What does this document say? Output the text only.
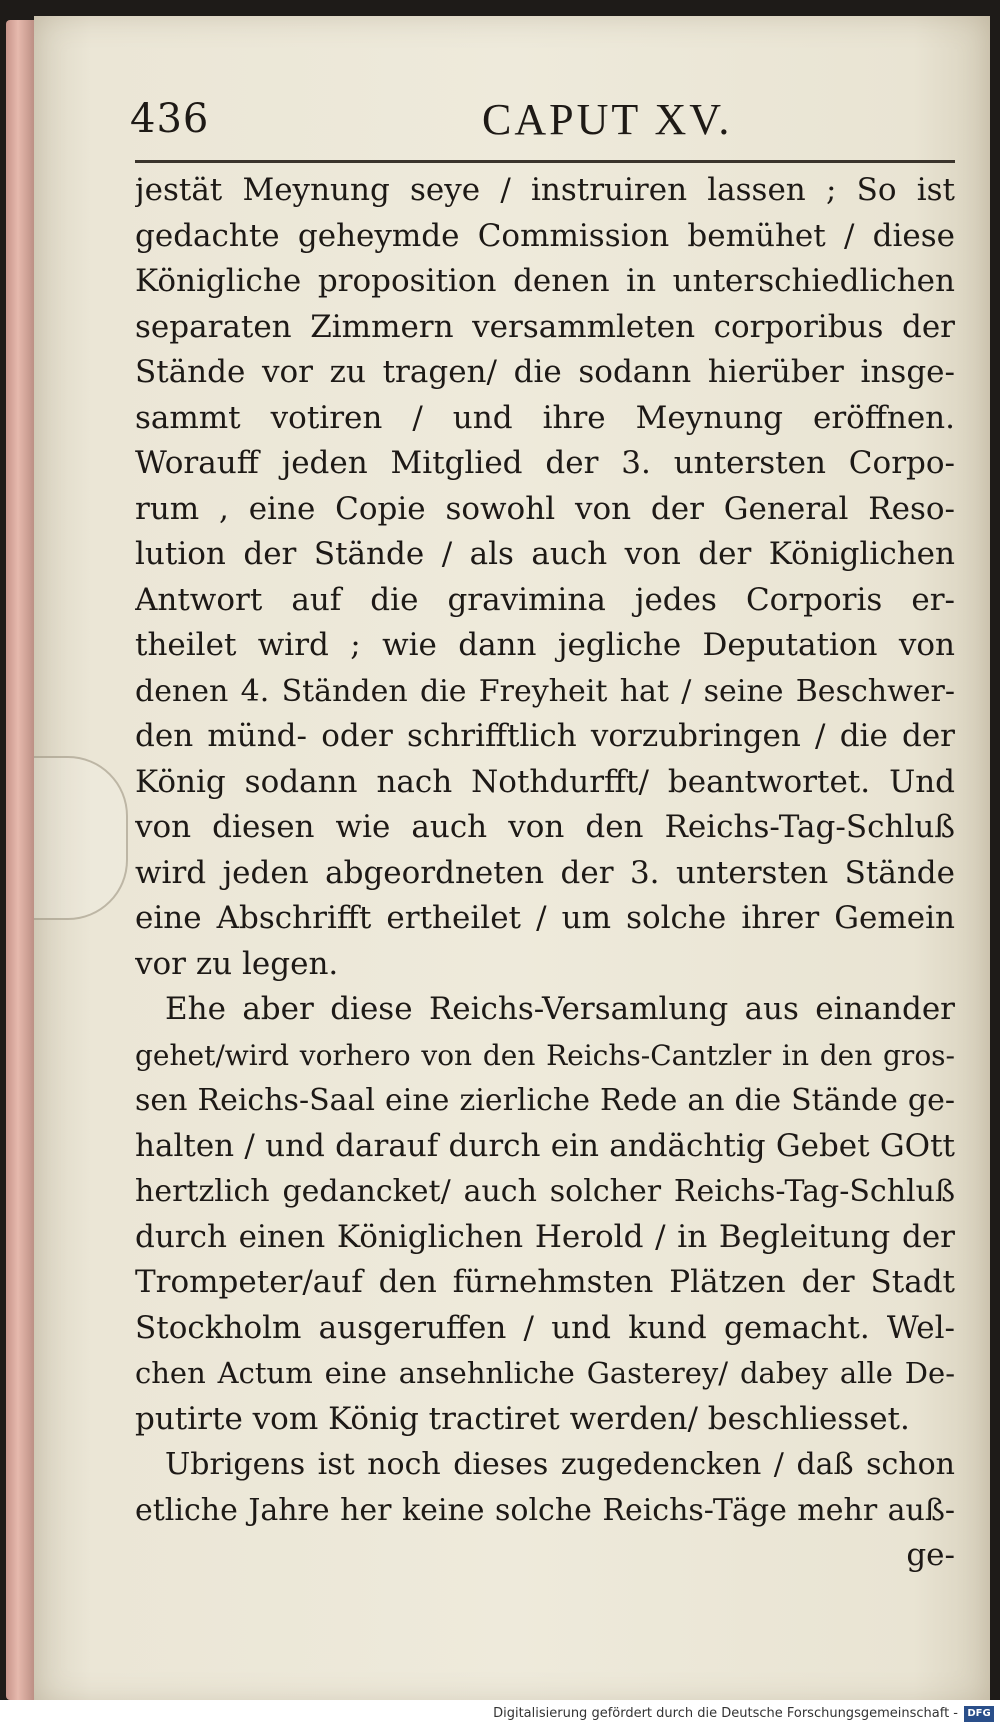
436	CAPUT XV.
jestät Meynung seye / instruiren lassen ; So ist
gedachte geheymde Commission bemühet / diese
Königliche proposition denen in unterschiedlichen
separaten Zimmern versammleten corporibus der
Stände vor zu tragen/ die sodann hierüber insge-
sammt votiren / und ihre Meynung eröffnen.
Worauff jeden Mitglied der 3. untersten Corpo-
rum , eine Copie sowohl von der General Reso-
lution der Stände / als auch von der Königlichen
Antwort auf die gravimina jedes Corporis er-
theilet wird ; wie dann jegliche Deputation von
denen 4. Ständen die Freyheit hat / seine Beschwer-
den münd- oder schrifftlich vorzubringen / die der
König sodann nach Nothdurfft/ beantwortet. Und
von diesen wie auch von den Reichs-Tag-Schluß
wird jeden abgeordneten der 3. untersten Stände
eine Abschrifft ertheilet / um solche ihrer Gemein
vor zu legen.
Ehe aber diese Reichs-Versamlung aus einander
gehet/wird vorhero von den Reichs-Cantzler in den gros-
sen Reichs-Saal eine zierliche Rede an die Stände ge-
halten / und darauf durch ein andächtig Gebet GOtt
hertzlich gedancket/ auch solcher Reichs-Tag-Schluß
durch einen Königlichen Herold / in Begleitung der
Trompeter/auf den fürnehmsten Plätzen der Stadt
Stockholm ausgeruffen / und kund gemacht. Wel-
chen Actum eine ansehnliche Gasterey/ dabey alle De-
putirte vom König tractiret werden/ beschliesset.
Ubrigens ist noch dieses zugedencken / daß schon
etliche Jahre her keine solche Reichs-Täge mehr auß-
ge-
Digitalisierung gefördert durch die Deutsche Forschungsgemeinschaft - DFG
